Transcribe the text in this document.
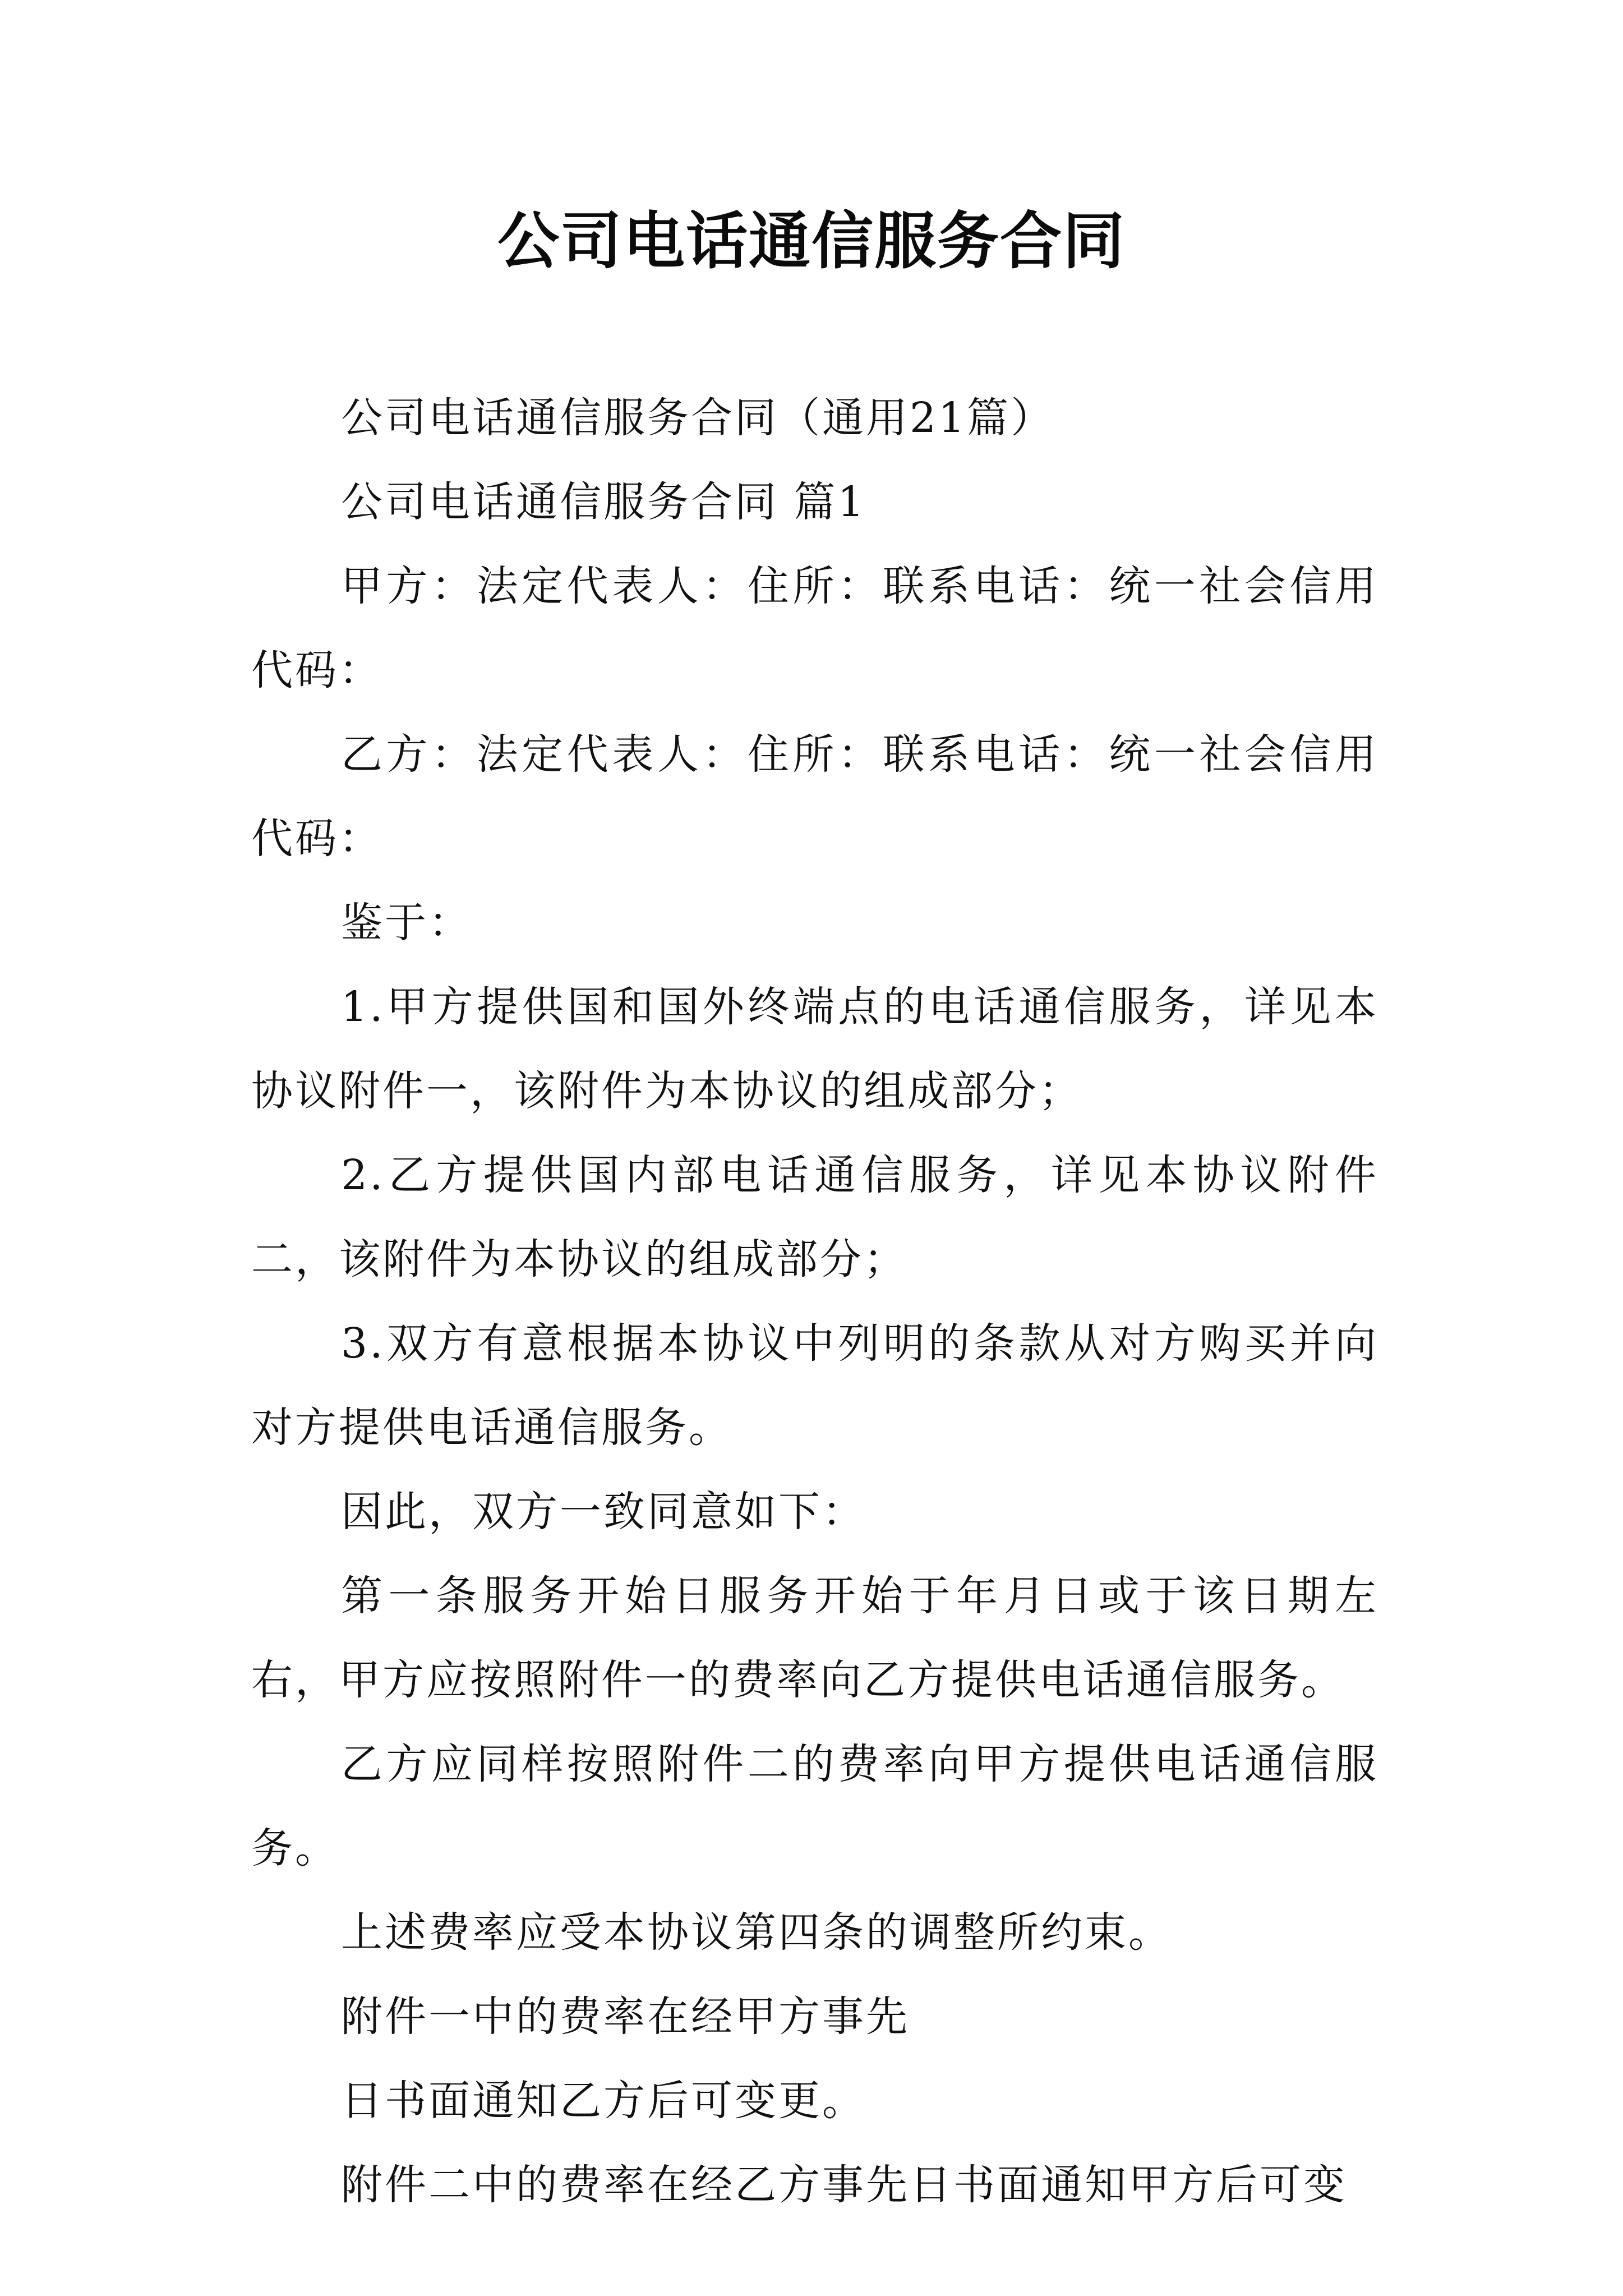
公司电话通信服务合同

公司电话通信服务合同（通用21篇）

公司电话通信服务合同 篇1

甲方：法定代表人：住所：联系电话：统一社会信用代码：

乙方：法定代表人：住所：联系电话：统一社会信用代码：

鉴于：

1.甲方提供国和国外终端点的电话通信服务，详见本协议附件一，该附件为本协议的组成部分；

2.乙方提供国内部电话通信服务，详见本协议附件二，该附件为本协议的组成部分；

3.双方有意根据本协议中列明的条款从对方购买并向对方提供电话通信服务。

因此，双方一致同意如下：

第一条服务开始日服务开始于年月日或于该日期左右，甲方应按照附件一的费率向乙方提供电话通信服务。

乙方应同样按照附件二的费率向甲方提供电话通信服务。

上述费率应受本协议第四条的调整所约束。

附件一中的费率在经甲方事先

日书面通知乙方后可变更。

附件二中的费率在经乙方事先日书面通知甲方后可变
